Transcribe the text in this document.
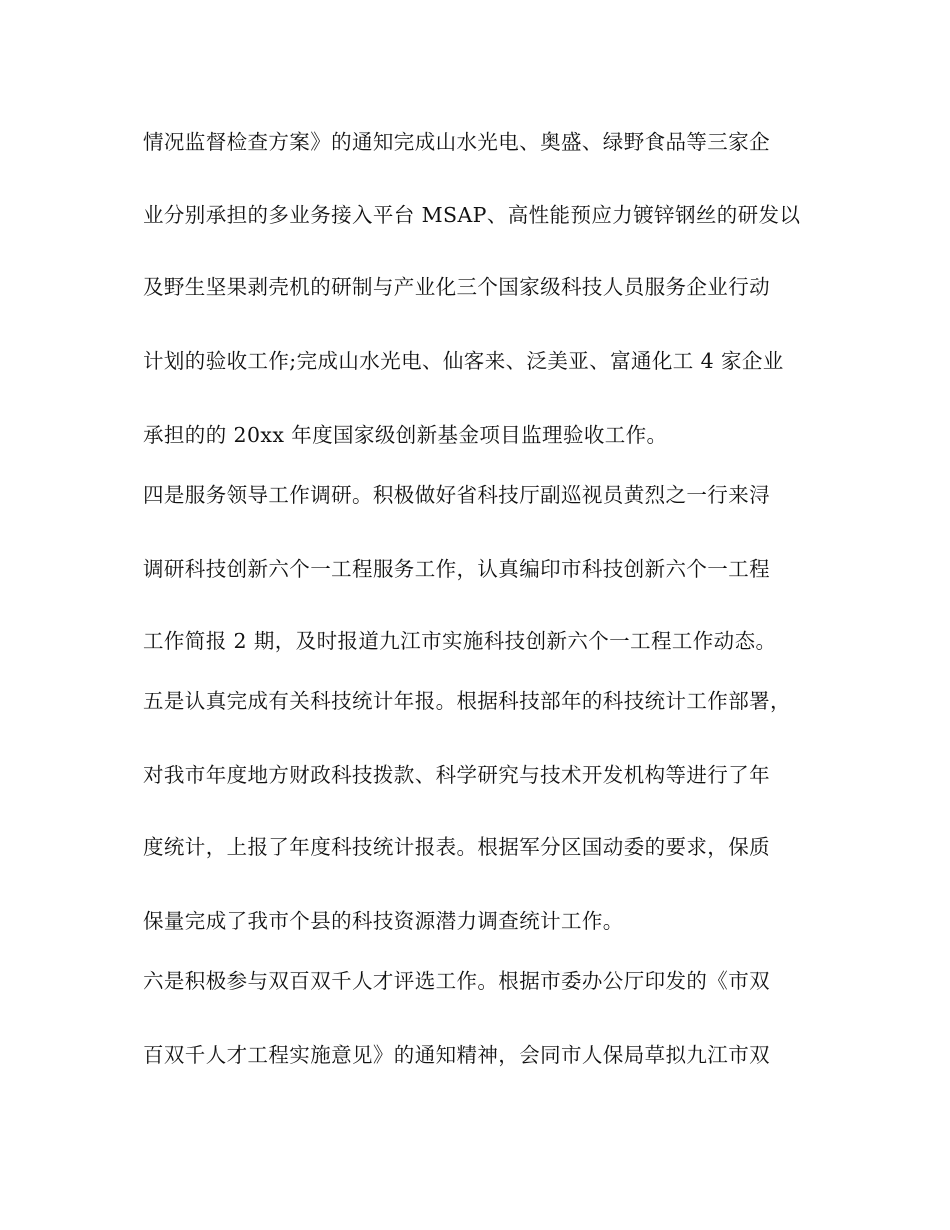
情况监督检查方案》的通知完成山水光电、奥盛、绿野食品等三家企
业分别承担的多业务接入平台 MSAP、高性能预应力镀锌钢丝的研发以
及野生坚果剥壳机的研制与产业化三个国家级科技人员服务企业行动
计划的验收工作;完成山水光电、仙客来、泛美亚、富通化工 4 家企业
承担的的 20xx 年度国家级创新基金项目监理验收工作。
四是服务领导工作调研。积极做好省科技厅副巡视员黄烈之一行来浔
调研科技创新六个一工程服务工作，认真编印市科技创新六个一工程
工作简报 2 期，及时报道九江市实施科技创新六个一工程工作动态。
五是认真完成有关科技统计年报。根据科技部年的科技统计工作部署，
对我市年度地方财政科技拨款、科学研究与技术开发机构等进行了年
度统计，上报了年度科技统计报表。根据军分区国动委的要求，保质
保量完成了我市个县的科技资源潜力调查统计工作。
六是积极参与双百双千人才评选工作。根据市委办公厅印发的《市双
百双千人才工程实施意见》的通知精神，会同市人保局草拟九江市双
